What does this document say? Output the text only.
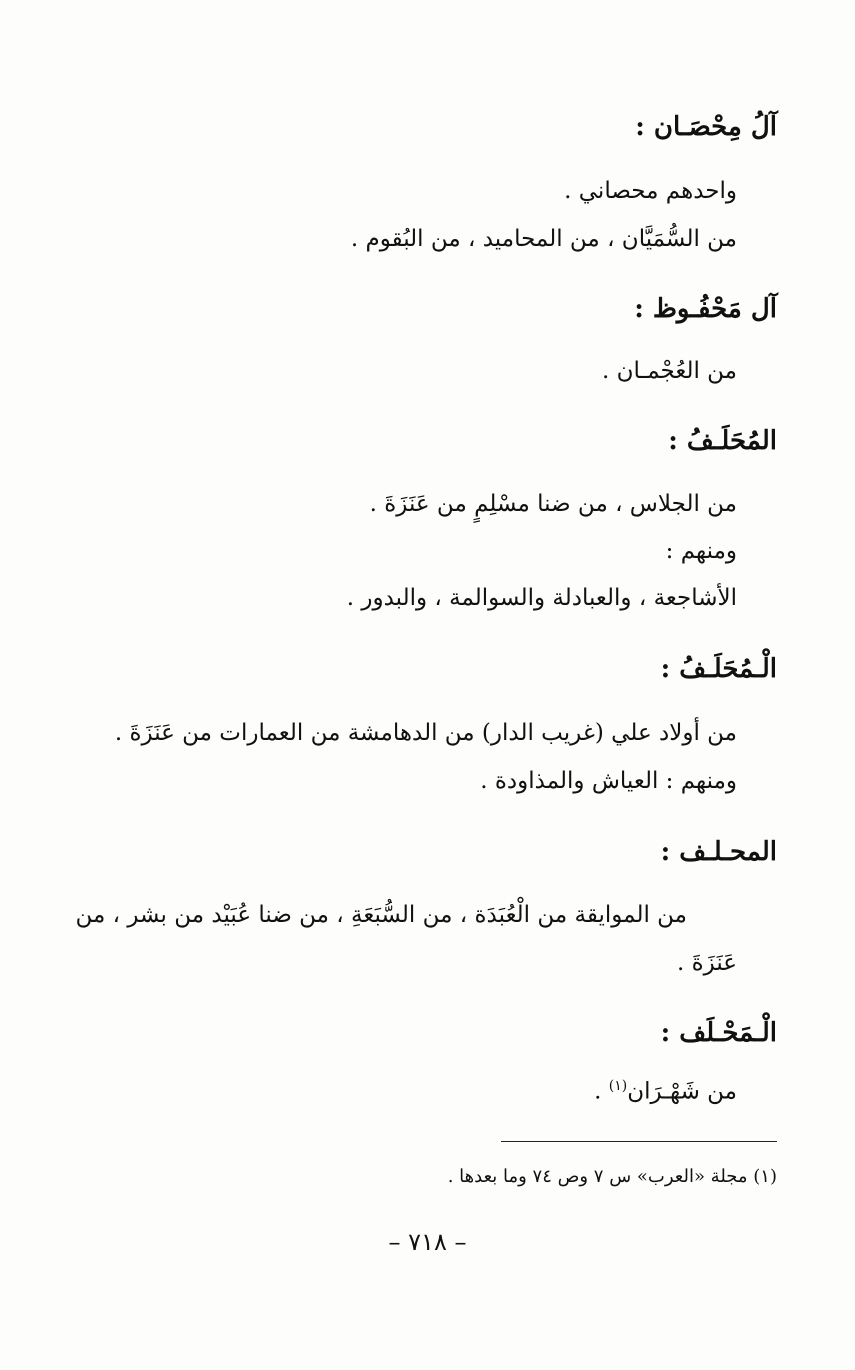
آلُ مِحْصَـان :
واحدهم محصاني .
من السُّمَيَّان ، من المحاميد ، من البُقوم .
آل مَحْفُـوظ :
من العُجْمـان .
المُحَلَـفُ :
من الجلاس ، من ضنا مسْلِمٍ من عَنَزَةَ .
ومنهم :
الأشاجعة ، والعبادلة والسوالمة ، والبدور .
الْـمُحَلَـفُ :
من أولاد علي (غريب الدار) من الدهامشة من العمارات من عَنَزَةَ .
ومنهم : العياش والمذاودة .
المحـلـف :
من الموايقة من الْعُبَدَة ، من السُّبَعَةِ ، من ضنا عُبَيْد من بشر ، من
عَنَزَةَ .
الْـمَحْـلَف :
من شَهْـرَان$^{(١)}$ .
(١) مجلة «العرب» س ٧ وص ٧٤ وما بعدها .
– ٧١٨ –
